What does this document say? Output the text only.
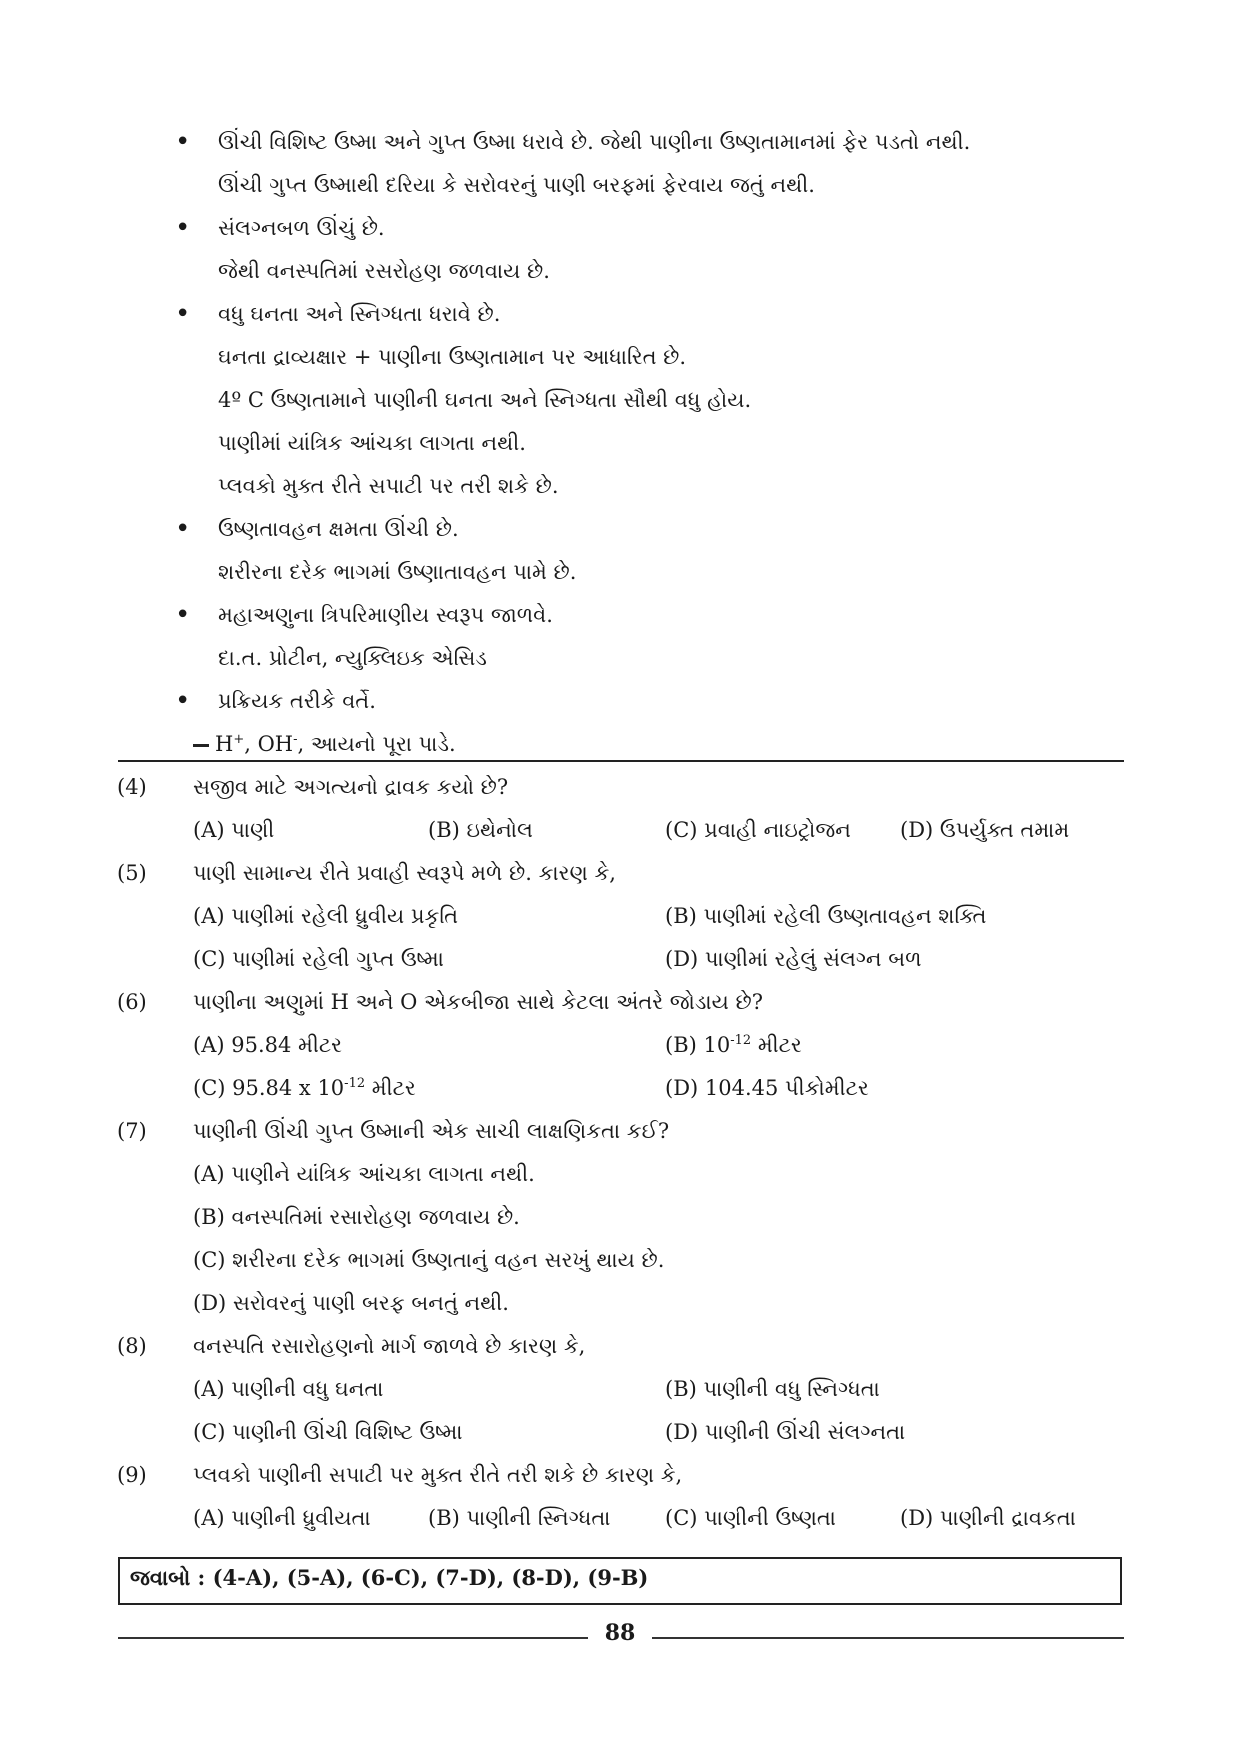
• ઊંચી વિશિષ્ટ ઉષ્મા અને ગુપ્ત ઉષ્મા ધરાવે છે. જેથી પાણીના ઉષ્ણતામાનમાં ફેર પડતો નથી.
ઊંચી ગુપ્ત ઉષ્માથી દરિયા કે સરોવરનું પાણી બરફમાં ફેરવાય જતું નથી.
• સંલગ્નબળ ઊંચું છે.
જેથી વનસ્પતિમાં રસરોહણ જળવાય છે.
• વધુ ઘનતા અને સ્નિગ્ધતા ધરાવે છે.
ઘનતા દ્રાવ્યક્ષાર + પાણીના ઉષ્ણતામાન પર આધારિત છે.
4º C ઉષ્ણતામાને પાણીની ઘનતા અને સ્નિગ્ધતા સૌથી વધુ હોય.
પાણીમાં યાંત્રિક આંચકા લાગતા નથી.
પ્લવકો મુક્ત રીતે સપાટી પર તરી શકે છે.
• ઉષ્ણતાવહન ક્ષમતા ઊંચી છે.
શરીરના દરેક ભાગમાં ઉષ્ણાતાવહન પામે છે.
• મહાઅણુના ત્રિપરિમાણીય સ્વરૂપ જાળવે.
દા.ત. પ્રોટીન, ન્યુક્લિઇક એસિડ
• પ્રક્રિયક તરીકે વર્તે.
H+, OH-, આયનો પૂરા પાડે.
(4) સજીવ માટે અગત્યનો દ્રાવક કયો છે?
(A) પાણી	(B) ઇથેનોલ	(C) પ્રવાહી નાઇટ્રોજન (D) ઉપર્યુક્ત તમામ
(5) પાણી સામાન્ય રીતે પ્રવાહી સ્વરૂપે મળે છે. કારણ કે,
(A) પાણીમાં રહેલી ધ્રુવીય પ્રકૃતિ	(B) પાણીમાં રહેલી ઉષ્ણતાવહન શક્તિ
(C) પાણીમાં રહેલી ગુપ્ત ઉષ્મા	(D) પાણીમાં રહેલું સંલગ્ન બળ
(6) પાણીના અણુમાં H અને O એકબીજા સાથે કેટલા અંતરે જોડાય છે?
(A) 95.84 મીટર	(B) $10^{-12}$ મીટર
(C) 95.84 x $10^{-12}$ મીટર	(D) 104.45 પીકોમીટર
(7) પાણીની ઊંચી ગુપ્ત ઉષ્માની એક સાચી લાક્ષણિકતા કઈ?
(A) પાણીને યાંત્રિક આંચકા લાગતા નથી.
(B) વનસ્પતિમાં રસારોહણ જળવાય છે.
(C) શરીરના દરેક ભાગમાં ઉષ્ણતાનું વહન સરખું થાય છે.
(D) સરોવરનું પાણી બરફ બનતું નથી.
(8) વનસ્પતિ રસારોહણનો માર્ગ જાળવે છે કારણ કે,
(A) પાણીની વધુ ઘનતા	(B) પાણીની વધુ સ્નિગ્ધતા
(C) પાણીની ઊંચી વિશિષ્ટ ઉષ્મા	(D) પાણીની ઊંચી સંલગ્નતા
(9) પ્લવકો પાણીની સપાટી પર મુક્ત રીતે તરી શકે છે કારણ કે,
(A) પાણીની ધ્રુવીયતા	(B) પાણીની સ્નિગ્ધતા	(C) પાણીની ઉષ્ણતા	(D) પાણીની દ્રાવકતા
જવાબો : (4-A), (5-A), (6-C), (7-D), (8-D), (9-B)
88
